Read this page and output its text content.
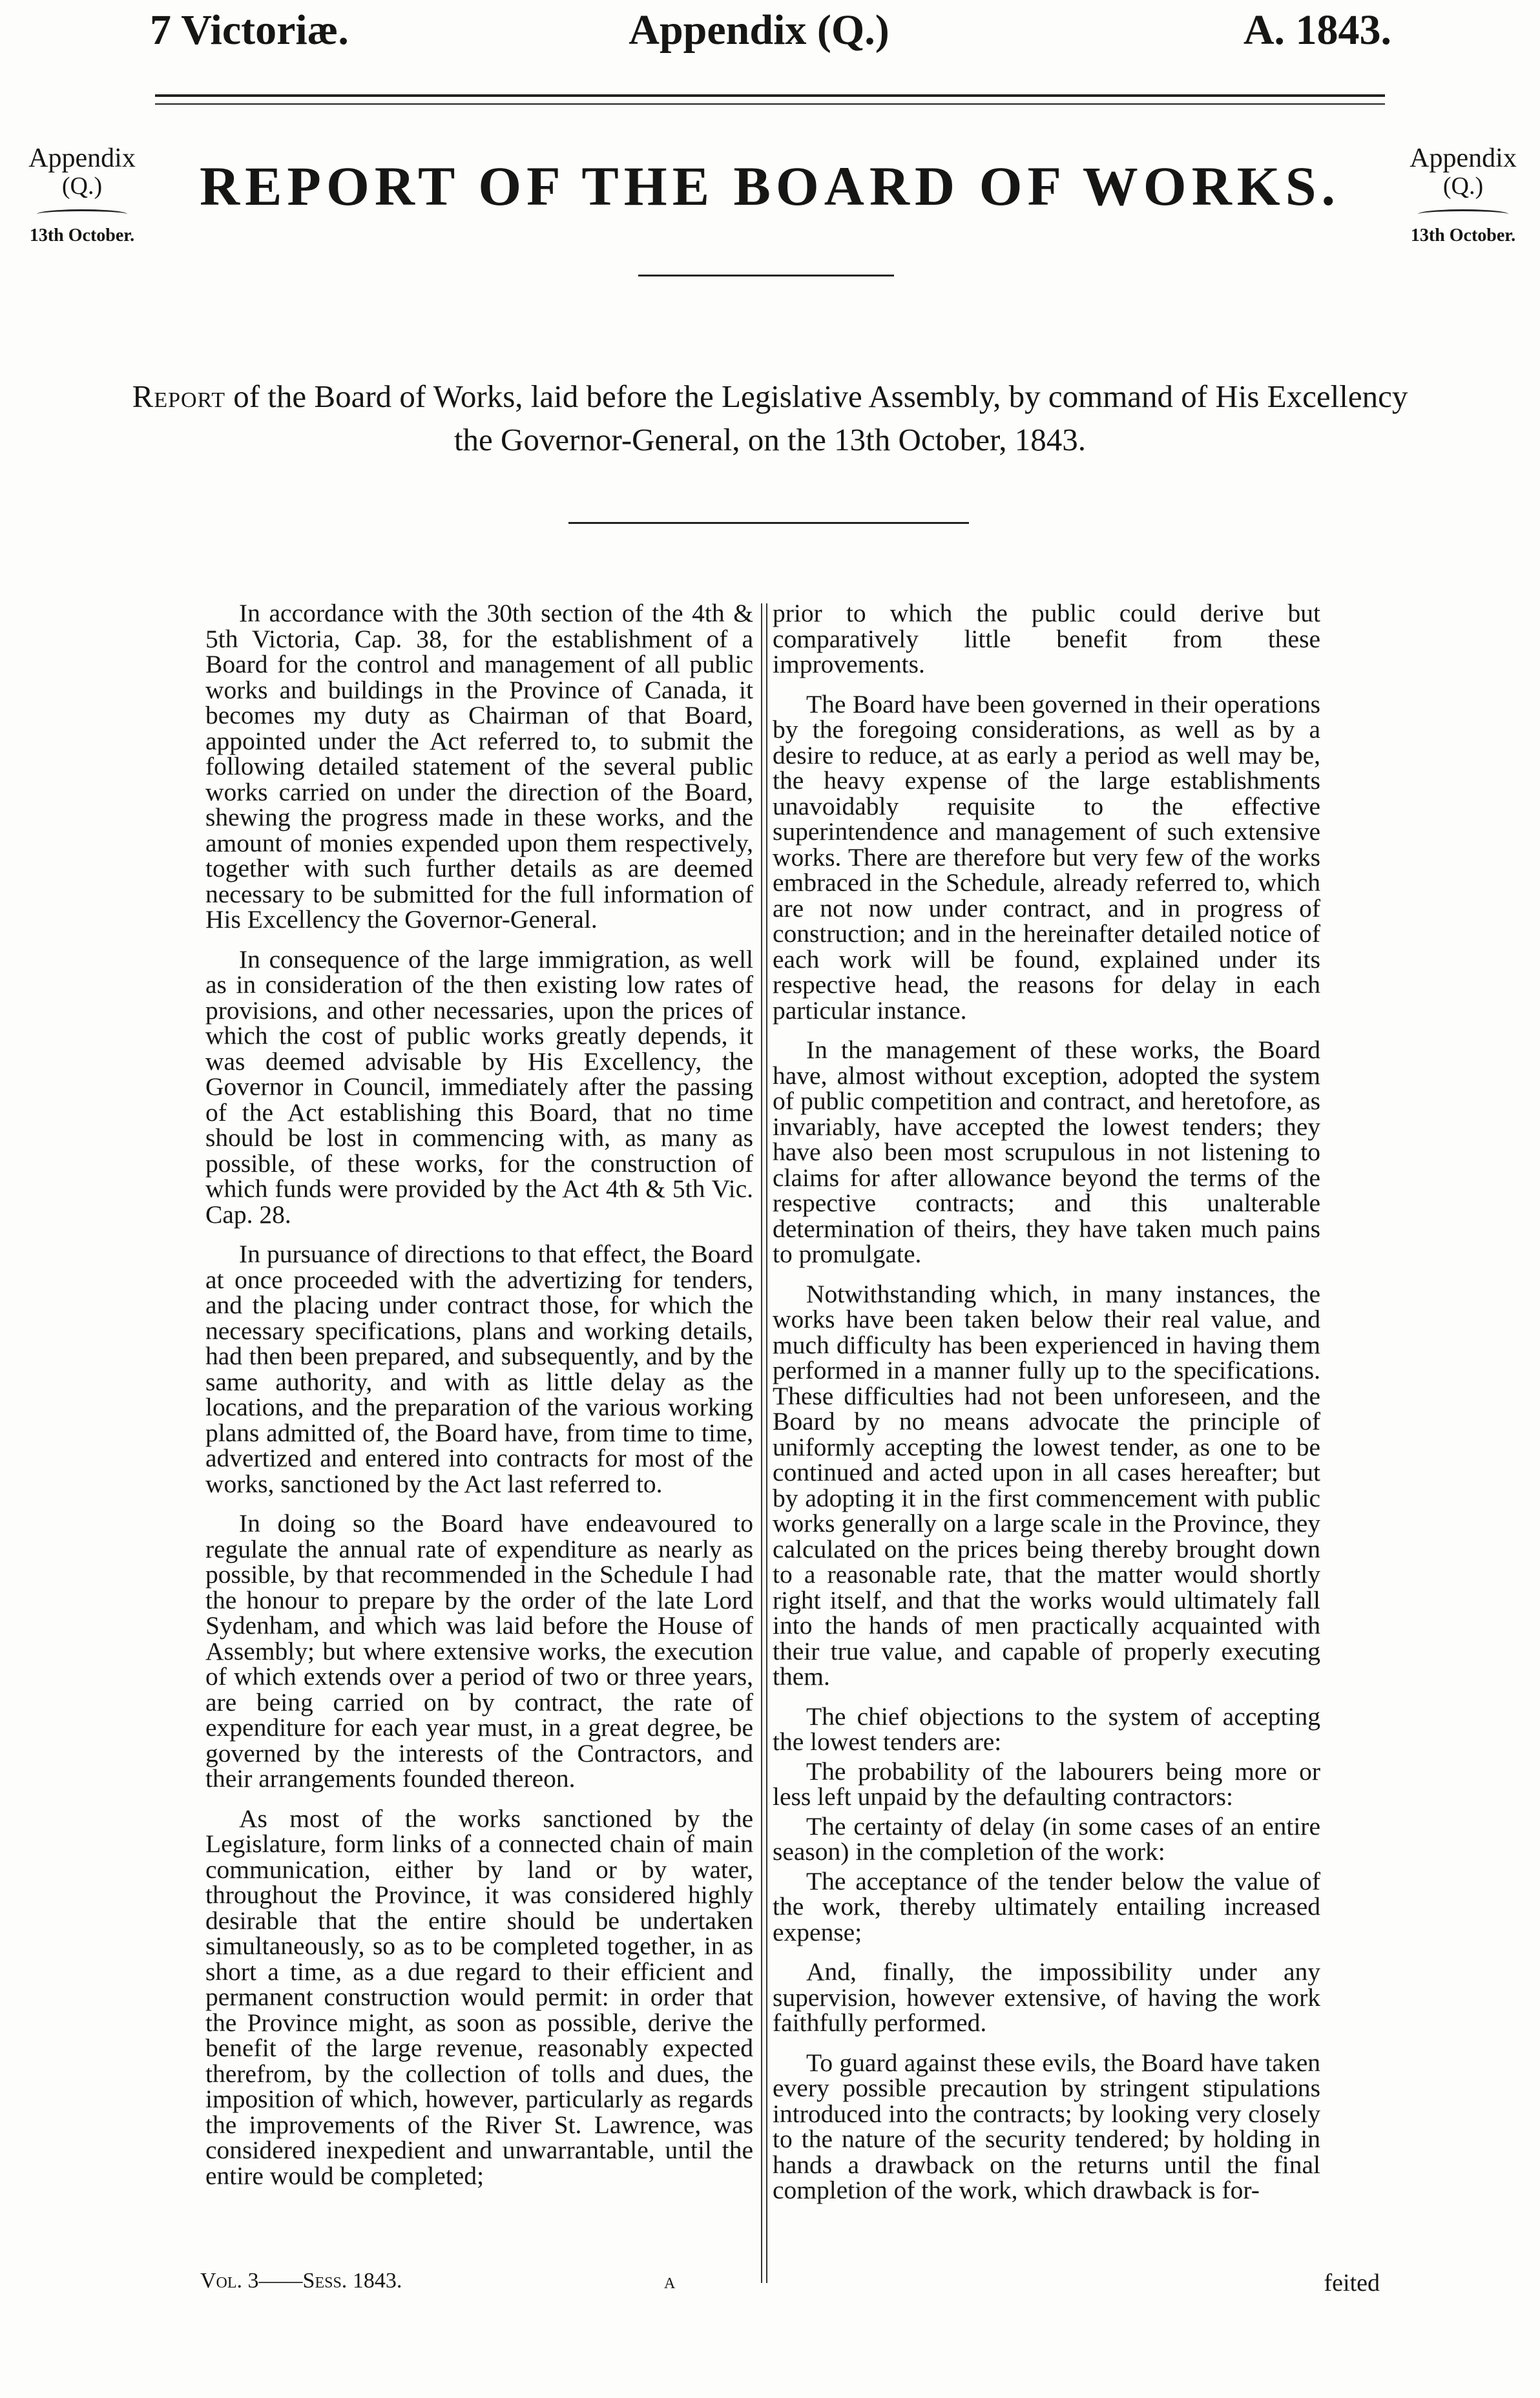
7 Victoriæ.	Appendix (Q.)	A. 1843.
Appendix
(Q.)
13th October.
Appendix
(Q.)
13th October.
REPORT OF THE BOARD OF WORKS.
Report of the Board of Works, laid before the Legislative Assembly, by command of His Excellency the Governor-General, on the 13th October, 1843.

In accordance with the 30th section of the 4th & 5th Victoria, Cap. 38, for the establishment of a Board for the control and management of all public works and buildings in the Province of Canada, it becomes my duty as Chairman of that Board, appointed under the Act referred to, to submit the following detailed statement of the several public works carried on under the direction of the Board, shewing the progress made in these works, and the amount of monies expended upon them respectively, together with such further details as are deemed necessary to be submitted for the full information of His Excellency the Governor-General.

In consequence of the large immigration, as well as in consideration of the then existing low rates of provisions, and other necessaries, upon the prices of which the cost of public works greatly depends, it was deemed advisable by His Excellency, the Governor in Council, immediately after the passing of the Act establishing this Board, that no time should be lost in commencing with, as many as possible, of these works, for the construction of which funds were provided by the Act 4th & 5th Vic. Cap. 28.

In pursuance of directions to that effect, the Board at once proceeded with the advertizing for tenders, and the placing under contract those, for which the necessary specifications, plans and working details, had then been prepared, and subsequently, and by the same authority, and with as little delay as the locations, and the preparation of the various working plans admitted of, the Board have, from time to time, advertized and entered into contracts for most of the works, sanctioned by the Act last referred to.

In doing so the Board have endeavoured to regulate the annual rate of expenditure as nearly as possible, by that recommended in the Schedule I had the honour to prepare by the order of the late Lord Sydenham, and which was laid before the House of Assembly; but where extensive works, the execution of which extends over a period of two or three years, are being carried on by contract, the rate of expenditure for each year must, in a great degree, be governed by the interests of the Contractors, and their arrangements founded thereon.

As most of the works sanctioned by the Legislature, form links of a connected chain of main communication, either by land or by water, throughout the Province, it was considered highly desirable that the entire should be undertaken simultaneously, so as to be completed together, in as short a time, as a due regard to their efficient and permanent construction would permit: in order that the Province might, as soon as possible, derive the benefit of the large revenue, reasonably expected therefrom, by the collection of tolls and dues, the imposition of which, however, particularly as regards the improvements of the River St. Lawrence, was considered inexpedient and unwarrantable, until the entire would be completed;

prior to which the public could derive but comparatively little benefit from these improvements.

The Board have been governed in their operations by the foregoing considerations, as well as by a desire to reduce, at as early a period as well may be, the heavy expense of the large establishments unavoidably requisite to the effective superintendence and management of such extensive works. There are therefore but very few of the works embraced in the Schedule, already referred to, which are not now under contract, and in progress of construction; and in the hereinafter detailed notice of each work will be found, explained under its respective head, the reasons for delay in each particular instance.

In the management of these works, the Board have, almost without exception, adopted the system of public competition and contract, and heretofore, as invariably, have accepted the lowest tenders; they have also been most scrupulous in not listening to claims for after allowance beyond the terms of the respective contracts; and this unalterable determination of theirs, they have taken much pains to promulgate.

Notwithstanding which, in many instances, the works have been taken below their real value, and much difficulty has been experienced in having them performed in a manner fully up to the specifications. These difficulties had not been unforeseen, and the Board by no means advocate the principle of uniformly accepting the lowest tender, as one to be continued and acted upon in all cases hereafter; but by adopting it in the first commencement with public works generally on a large scale in the Province, they calculated on the prices being thereby brought down to a reasonable rate, that the matter would shortly right itself, and that the works would ultimately fall into the hands of men practically acquainted with their true value, and capable of properly executing them.

The chief objections to the system of accepting the lowest tenders are:

The probability of the labourers being more or less left unpaid by the defaulting contractors:

The certainty of delay (in some cases of an entire season) in the completion of the work:

The acceptance of the tender below the value of the work, thereby ultimately entailing increased expense;

And, finally, the impossibility under any supervision, however extensive, of having the work faithfully performed.

To guard against these evils, the Board have taken every possible precaution by stringent stipulations introduced into the contracts; by looking very closely to the nature of the security tendered; by holding in hands a drawback on the returns until the final completion of the work, which drawback is for-

Vol. 3——Sess. 1843.	A	feited
